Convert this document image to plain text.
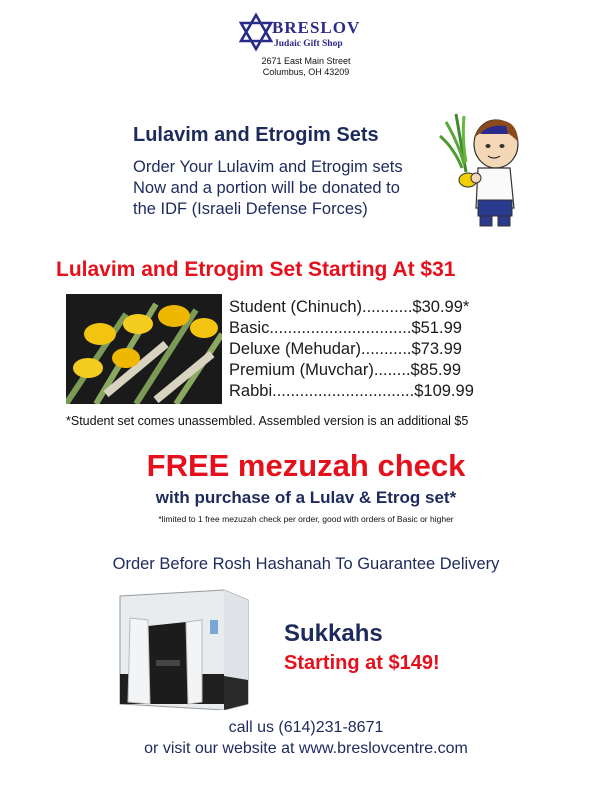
BRESLOV
Judaic Gift Shop
2671 East Main Street
Columbus, OH 43209
Lulavim and Etrogim Sets
Order Your Lulavim and Etrogim sets
Now and a portion will be donated to
the IDF (Israeli Defense Forces)
Lulavim and Etrogim Set Starting At $31
Student (Chinuch)...........$30.99*
Basic...............................$51.99
Deluxe (Mehudar)...........$73.99
Premium (Muvchar)........$85.99
Rabbi...............................$109.99
*Student set comes unassembled. Assembled version is an additional $5
FREE mezuzah check
with purchase of a Lulav & Etrog set*
*limited to 1 free mezuzah check per order, good with orders of Basic or higher
Order Before Rosh Hashanah To Guarantee Delivery
Sukkahs
Starting at $149!
call us (614)231-8671
or visit our website at www.breslovcentre.com
